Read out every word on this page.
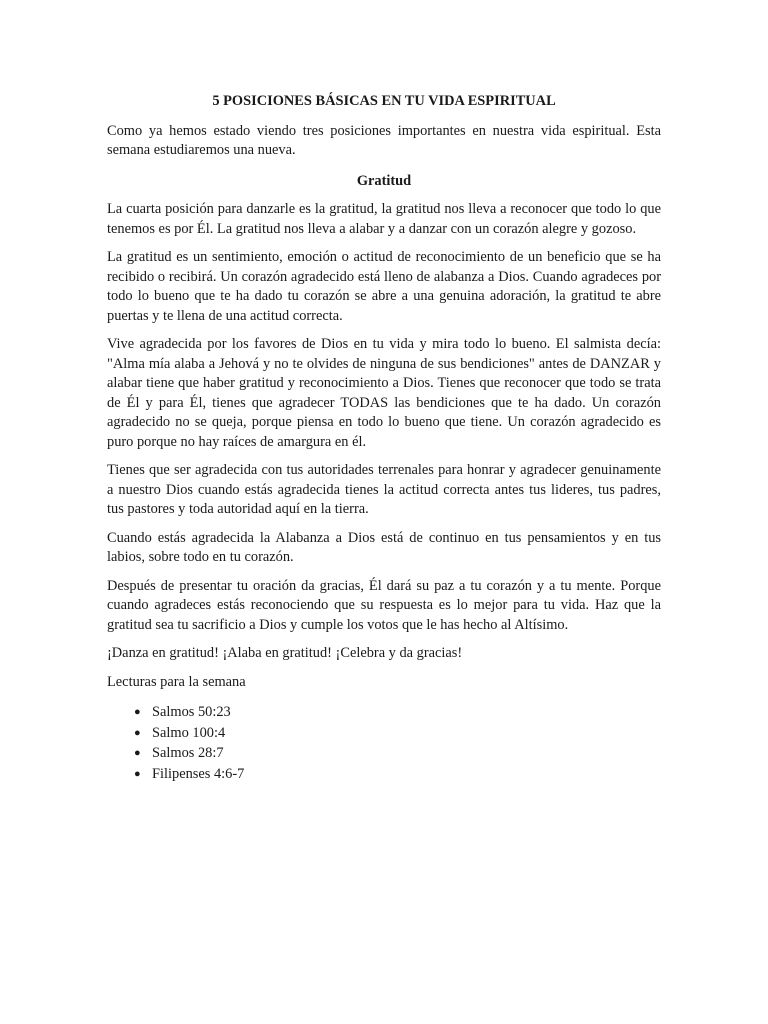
5 POSICIONES BÁSICAS EN TU VIDA ESPIRITUAL

Como ya hemos estado viendo tres posiciones importantes en nuestra vida espiritual. Esta semana estudiaremos una nueva.

Gratitud

La cuarta posición para danzarle es la gratitud, la gratitud nos lleva a reconocer que todo lo que tenemos es por Él. La gratitud nos lleva a alabar y a danzar con un corazón alegre y gozoso.

La gratitud es un sentimiento, emoción o actitud de reconocimiento de un beneficio que se ha recibido o recibirá. Un corazón agradecido está lleno de alabanza a Dios. Cuando agradeces por todo lo bueno que te ha dado tu corazón se abre a una genuina adoración, la gratitud te abre puertas y te llena de una actitud correcta.

Vive agradecida por los favores de Dios en tu vida y mira todo lo bueno. El salmista decía: "Alma mía alaba a Jehová y no te olvides de ninguna de sus bendiciones" antes de DANZAR y alabar tiene que haber gratitud y reconocimiento a Dios. Tienes que reconocer que todo se trata de Él y para Él, tienes que agradecer TODAS las bendiciones que te ha dado. Un corazón agradecido no se queja, porque piensa en todo lo bueno que tiene. Un corazón agradecido es puro porque no hay raíces de amargura en él.

Tienes que ser agradecida con tus autoridades terrenales para honrar y agradecer genuinamente a nuestro Dios cuando estás agradecida tienes la actitud correcta antes tus lideres, tus padres, tus pastores y toda autoridad aquí en la tierra.

Cuando estás agradecida la Alabanza a Dios está de continuo en tus pensamientos y en tus labios, sobre todo en tu corazón.

Después de presentar tu oración da gracias, Él dará su paz a tu corazón y a tu mente. Porque cuando agradeces estás reconociendo que su respuesta es lo mejor para tu vida. Haz que la gratitud sea tu sacrificio a Dios y cumple los votos que le has hecho al Altísimo.

¡Danza en gratitud! ¡Alaba en gratitud! ¡Celebra y da gracias!

Lecturas para la semana

● Salmos 50:23
● Salmo 100:4
● Salmos 28:7
● Filipenses 4:6-7
